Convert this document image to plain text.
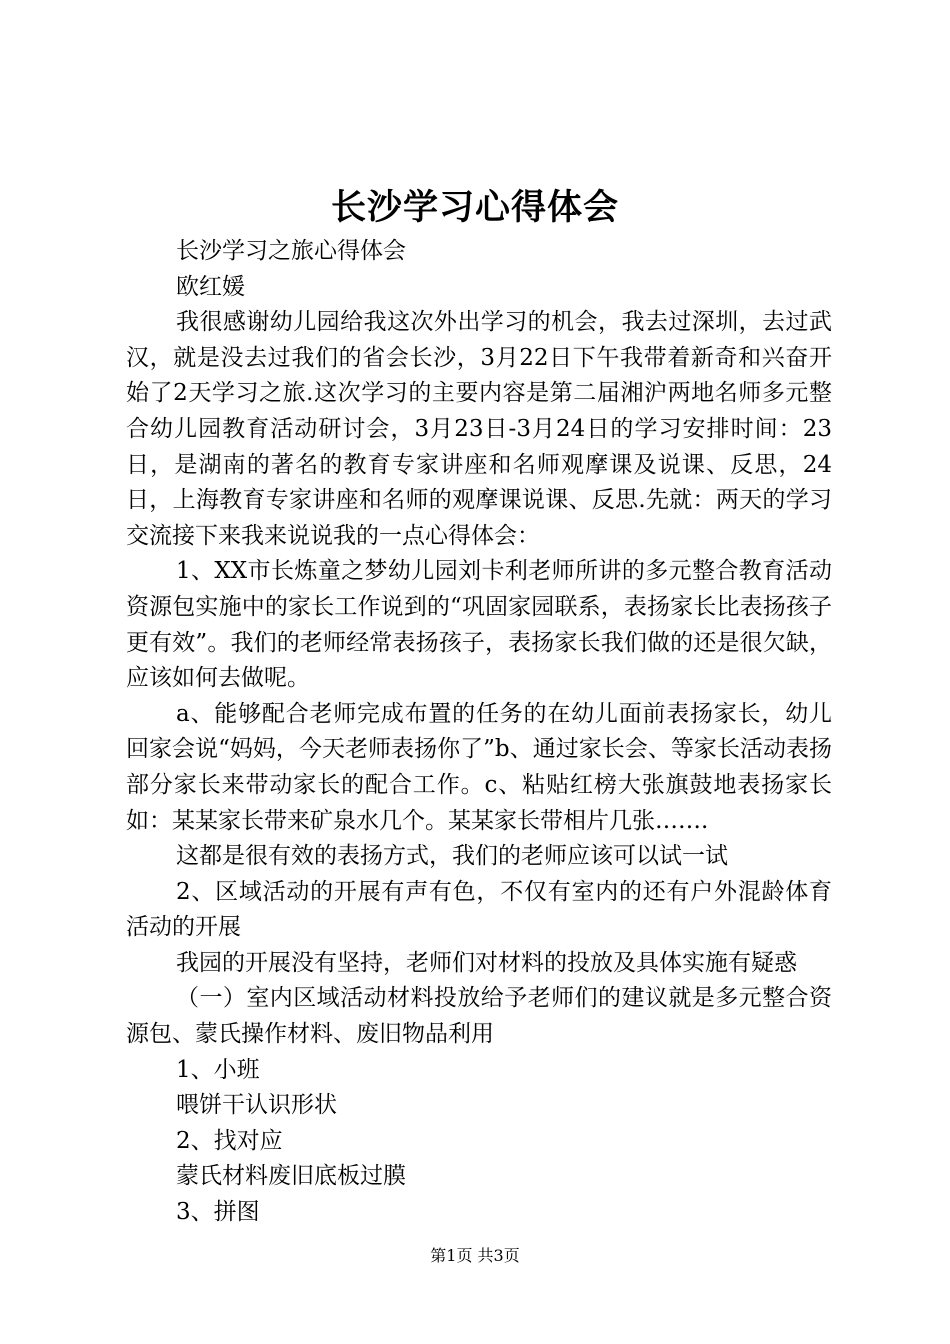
长沙学习心得体会

长沙学习之旅心得体会

欧红媛

我很感谢幼儿园给我这次外出学习的机会，我去过深圳，去过武汉，就是没去过我们的省会长沙，3月22日下午我带着新奇和兴奋开始了2天学习之旅.这次学习的主要内容是第二届湘沪两地名师多元整合幼儿园教育活动研讨会，3月23日-3月24日的学习安排时间：23日，是湖南的著名的教育专家讲座和名师观摩课及说课、反思，24日，上海教育专家讲座和名师的观摩课说课、反思.先就：两天的学习交流接下来我来说说我的一点心得体会：

1、XX市长炼童之梦幼儿园刘卡利老师所讲的多元整合教育活动资源包实施中的家长工作说到的“巩固家园联系，表扬家长比表扬孩子更有效”。我们的老师经常表扬孩子，表扬家长我们做的还是很欠缺，应该如何去做呢。

a、能够配合老师完成布置的任务的在幼儿面前表扬家长，幼儿回家会说“妈妈，今天老师表扬你了”b、通过家长会、等家长活动表扬部分家长来带动家长的配合工作。c、粘贴红榜大张旗鼓地表扬家长如：某某家长带来矿泉水几个。某某家长带相片几张…….

这都是很有效的表扬方式，我们的老师应该可以试一试

2、区域活动的开展有声有色，不仅有室内的还有户外混龄体育活动的开展

我园的开展没有坚持，老师们对材料的投放及具体实施有疑惑

（一）室内区域活动材料投放给予老师们的建议就是多元整合资源包、蒙氏操作材料、废旧物品利用

1、小班

喂饼干认识形状

2、找对应

蒙氏材料废旧底板过膜

3、拼图

第1页 共3页
